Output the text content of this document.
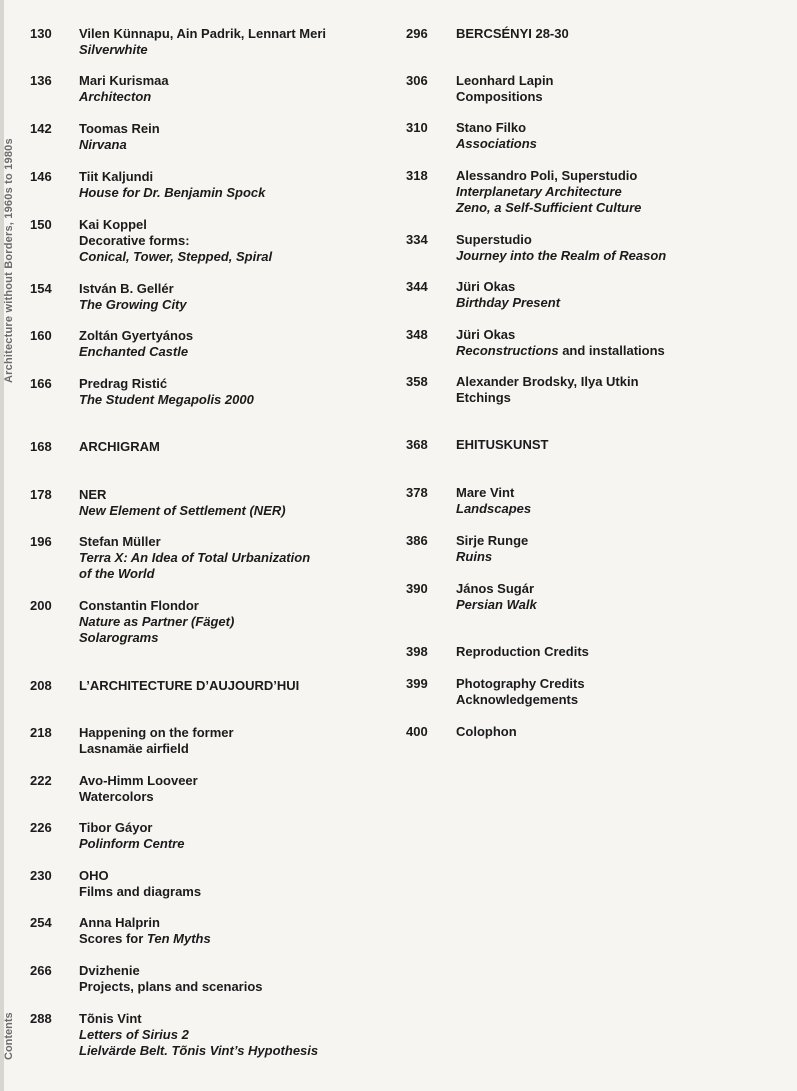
Architecture without Borders, 1960s to 1980s
Contents
130	Vilen Künnapu, Ain Padrik, Lennart Meri
Silverwhite
136	Mari Kurismaa
Architecton
142	Toomas Rein
Nirvana
146	Tiit Kaljundi
House for Dr. Benjamin Spock
150	Kai Koppel
Decorative forms:
Conical, Tower, Stepped, Spiral
154	István B. Gellér
The Growing City
160	Zoltán Gyertyános
Enchanted Castle
166	Predrag Ristić
The Student Megapolis 2000
168	ARCHIGRAM
178	NER
New Element of Settlement (NER)
196	Stefan Müller
Terra X: An Idea of Total Urbanization
of the World
200	Constantin Flondor
Nature as Partner (Fäget)
Solarograms
208	L’ARCHITECTURE D’AUJOURD’HUI
218	Happening on the former
Lasnamäe airfield
222	Avo-Himm Looveer
Watercolors
226	Tibor Gáyor
Polinform Centre
230	OHO
Films and diagrams
254	Anna Halprin
Scores for Ten Myths
266	Dvizhenie
Projects, plans and scenarios
288	Tõnis Vint
Letters of Sirius 2
Lielvärde Belt. Tõnis Vint’s Hypothesis
296	BERCSÉNYI 28-30
306	Leonhard Lapin
Compositions
310	Stano Filko
Associations
318	Alessandro Poli, Superstudio
Interplanetary Architecture
Zeno, a Self-Sufficient Culture
334	Superstudio
Journey into the Realm of Reason
344	Jüri Okas
Birthday Present
348	Jüri Okas
Reconstructions and installations
358	Alexander Brodsky, Ilya Utkin
Etchings
368	EHITUSKUNST
378	Mare Vint
Landscapes
386	Sirje Runge
Ruins
390	János Sugár
Persian Walk
398	Reproduction Credits
399	Photography Credits
Acknowledgements
400	Colophon
